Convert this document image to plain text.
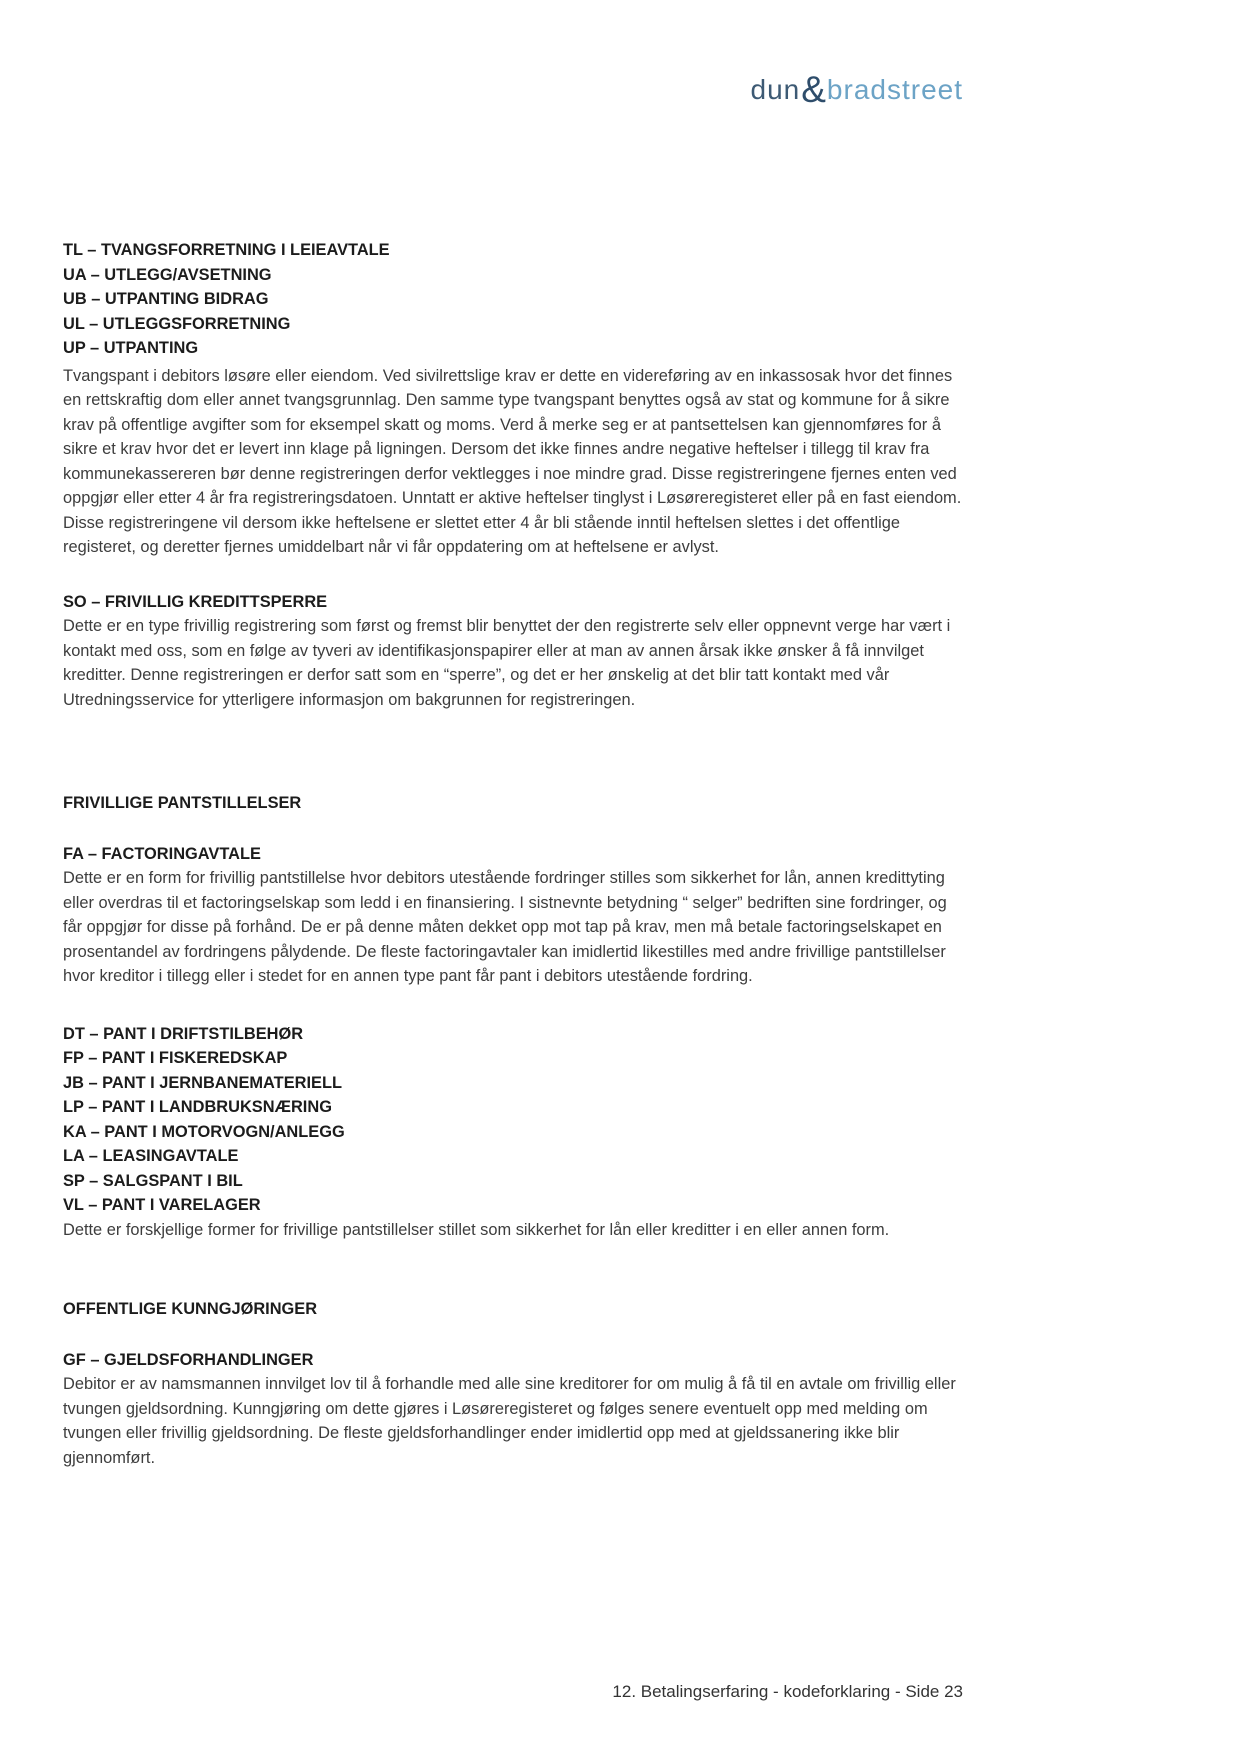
dun&bradstreet
TL – TVANGSFORRETNING I LEIEAVTALE
UA – UTLEGG/AVSETNING
UB – UTPANTING BIDRAG
UL – UTLEGGSFORRETNING
UP – UTPANTING

Tvangspant i debitors løsøre eller eiendom. Ved sivilrettslige krav er dette en videreføring av en inkassosak hvor det finnes en rettskraftig dom eller annet tvangsgrunnlag. Den samme type tvangspant benyttes også av stat og kommune for å sikre krav på offentlige avgifter som for eksempel skatt og moms. Verd å merke seg er at pantsettelsen kan gjennomføres for å sikre et krav hvor det er levert inn klage på ligningen. Dersom det ikke finnes andre negative heftelser i tillegg til krav fra kommunekassereren bør denne registreringen derfor vektlegges i noe mindre grad. Disse registreringene fjernes enten ved oppgjør eller etter 4 år fra registreringsdatoen. Unntatt er aktive heftelser tinglyst i Løsøreregisteret eller på en fast eiendom. Disse registreringene vil dersom ikke heftelsene er slettet etter 4 år bli stående inntil heftelsen slettes i det offentlige registeret, og deretter fjernes umiddelbart når vi får oppdatering om at heftelsene er avlyst.

SO – FRIVILLIG KREDITTSPERRE

Dette er en type frivillig registrering som først og fremst blir benyttet der den registrerte selv eller oppnevnt verge har vært i kontakt med oss, som en følge av tyveri av identifikasjonspapirer eller at man av annen årsak ikke ønsker å få innvilget kreditter. Denne registreringen er derfor satt som en “sperre”, og det er her ønskelig at det blir tatt kontakt med vår Utredningsservice for ytterligere informasjon om bakgrunnen for registreringen.

FRIVILLIGE PANTSTILLELSER
FA – FACTORINGAVTALE

Dette er en form for frivillig pantstillelse hvor debitors utestående fordringer stilles som sikkerhet for lån, annen kredittyting eller overdras til et factoringselskap som ledd i en finansiering. I sistnevnte betydning “ selger” bedriften sine fordringer, og får oppgjør for disse på forhånd. De er på denne måten dekket opp mot tap på krav, men må betale factoringselskapet en prosentandel av fordringens pålydende. De fleste factoringavtaler kan imidlertid likestilles med andre frivillige pantstillelser hvor kreditor i tillegg eller i stedet for en annen type pant får pant i debitors utestående fordring.

DT – PANT I DRIFTSTILBEHØR
FP – PANT I FISKEREDSKAP
JB – PANT I JERNBANEMATERIELL
LP – PANT I LANDBRUKSNÆRING
KA – PANT I MOTORVOGN/ANLEGG
LA – LEASINGAVTALE
SP – SALGSPANT I BIL
VL – PANT I VARELAGER

Dette er forskjellige former for frivillige pantstillelser stillet som sikkerhet for lån eller kreditter i en eller annen form.

OFFENTLIGE KUNNGJØRINGER
GF – GJELDSFORHANDLINGER

Debitor er av namsmannen innvilget lov til å forhandle med alle sine kreditorer for om mulig å få til en avtale om frivillig eller tvungen gjeldsordning. Kunngjøring om dette gjøres i Løsøreregisteret og følges senere eventuelt opp med melding om tvungen eller frivillig gjeldsordning. De fleste gjeldsforhandlinger ender imidlertid opp med at gjeldssanering ikke blir gjennomført.

12. Betalingserfaring - kodeforklaring - Side 23
